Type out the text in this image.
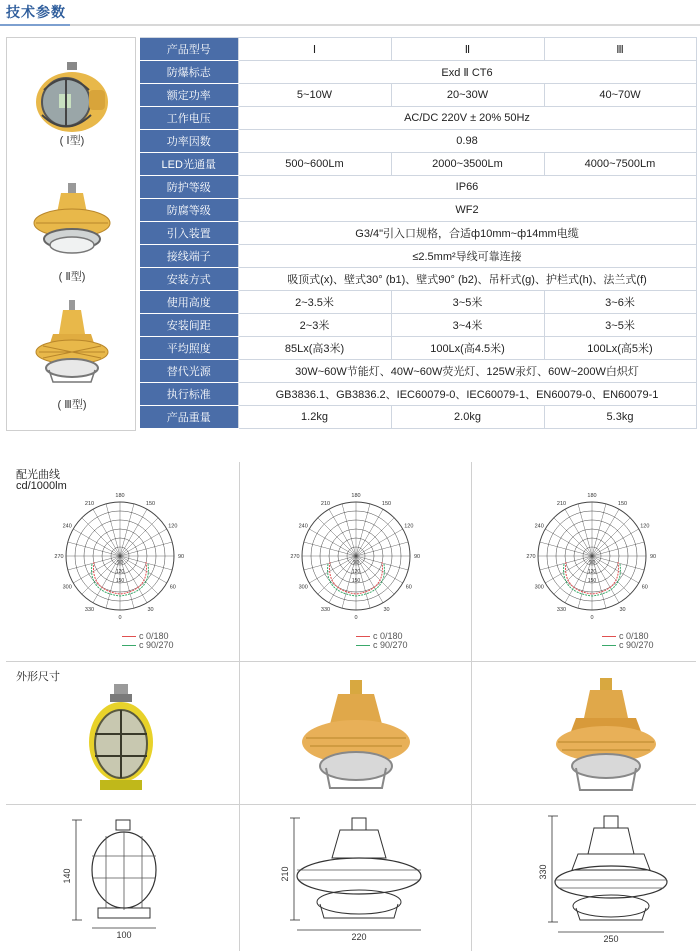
技术参数
( Ⅰ型)
( Ⅱ型)
( Ⅲ型)
产品型号	Ⅰ	Ⅱ	Ⅲ
防爆标志	Exd Ⅱ CT6		
额定功率	5~10W	20~30W	40~70W
工作电压	AC/DC 220V ± 20% 50Hz		
功率因数	0.98		
LED光通量	500~600Lm	2000~3500Lm	4000~7500Lm
防护等级	IP66		
防腐等级	WF2		
引入装置	G3/4"引入口规格，合适ф10mm~ф14mm电缆		
接线端子	≤2.5mm²导线可靠连接		
安装方式	吸顶式(x)、壁式30° (b1)、壁式90° (b2)、吊杆式(g)、护栏式(h)、法兰式(f)		
使用高度	2~3.5米	3~5米	3~6米
安装间距	2~3米	3~4米	3~5米
平均照度	85Lx(高3米)	100Lx(高4.5米)	100Lx(高5米)
替代光源	30W~60W节能灯、40W~60W荧光灯、125W汞灯、60W~200W白炽灯		
执行标准	GB3836.1、GB3836.2、IEC60079-0、IEC60079-1、EN60079-0、EN60079-1		
产品重量	1.2kg	2.0kg	5.3kg
配光曲线
cd/1000lm
外形尺寸
180
150
210
120
240
90
270
60
300
30
330
0
90
120
150
180
150
210
120
240
90
270
60
300
30
330
0
90
120
150
180
150
210
120
240
90
270
60
300
30
330
0
90
120
150
c 0/180
c 90/270
c 0/180
c 90/270
c 0/180
c 90/270
140
100
210
220
330
250
